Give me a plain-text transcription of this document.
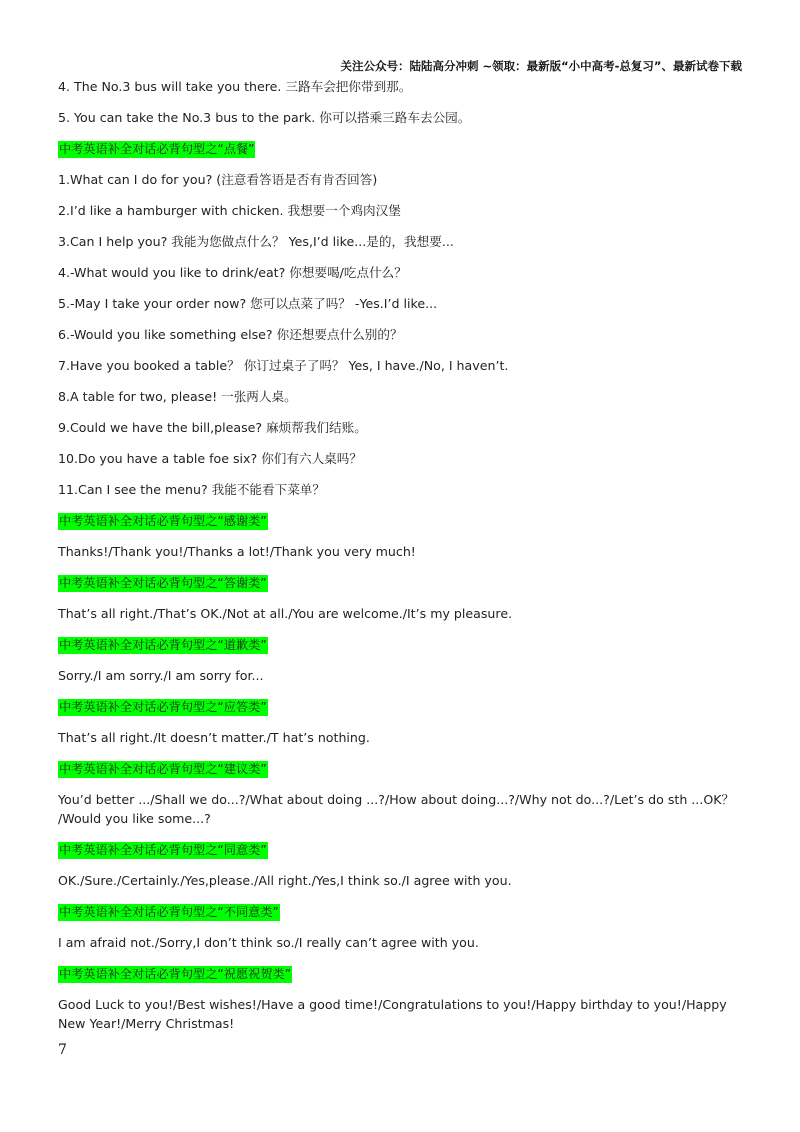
关注公众号：陆陆高分冲刺 ~领取：最新版“小中高考-总复习”、最新试卷下载
4. The No.3 bus will take you there. 三路车会把你带到那。
5. You can take the No.3 bus to the park. 你可以搭乘三路车去公园。
中考英语补全对话必背句型之“点餐”
1.What can I do for you? (注意看答语是否有肯否回答)
2.I’d like a hamburger with chicken. 我想要一个鸡肉汉堡
3.Can I help you? 我能为您做点什么？ Yes,I’d like...是的，我想要...
4.-What would you like to drink/eat? 你想要喝/吃点什么？
5.-May I take your order now? 您可以点菜了吗？ -Yes.I’d like...
6.-Would you like something else? 你还想要点什么别的？
7.Have you booked a table？ 你订过桌子了吗？ Yes, I have./No, I haven’t.
8.A table for two, please! 一张两人桌。
9.Could we have the bill,please? 麻烦帮我们结账。
10.Do you have a table foe six? 你们有六人桌吗？
11.Can I see the menu? 我能不能看下菜单？
中考英语补全对话必背句型之“感谢类”
Thanks!/Thank you!/Thanks a lot!/Thank you very much!
中考英语补全对话必背句型之“答谢类”
That’s all right./That’s OK./Not at all./You are welcome./It’s my pleasure.
中考英语补全对话必背句型之“道歉类”
Sorry./I am sorry./I am sorry for...
中考英语补全对话必背句型之“应答类”
That’s all right./It doesn’t matter./T hat’s nothing.
中考英语补全对话必背句型之“建议类”
You’d better .../Shall we do...?/What about doing ...?/How about doing...?/Why not do...?/Let’s do sth ...OK？ /Would you like some...?
中考英语补全对话必背句型之“同意类”
OK./Sure./Certainly./Yes,please./All right./Yes,I think so./I agree with you.
中考英语补全对话必背句型之“不同意类”
I am afraid not./Sorry,I don’t think so./I really can’t agree with you.
中考英语补全对话必背句型之“祝愿祝贺类”
Good Luck to you!/Best wishes!/Have a good time!/Congratulations to you!/Happy birthday to you!/Happy New Year!/Merry Christmas!
7
